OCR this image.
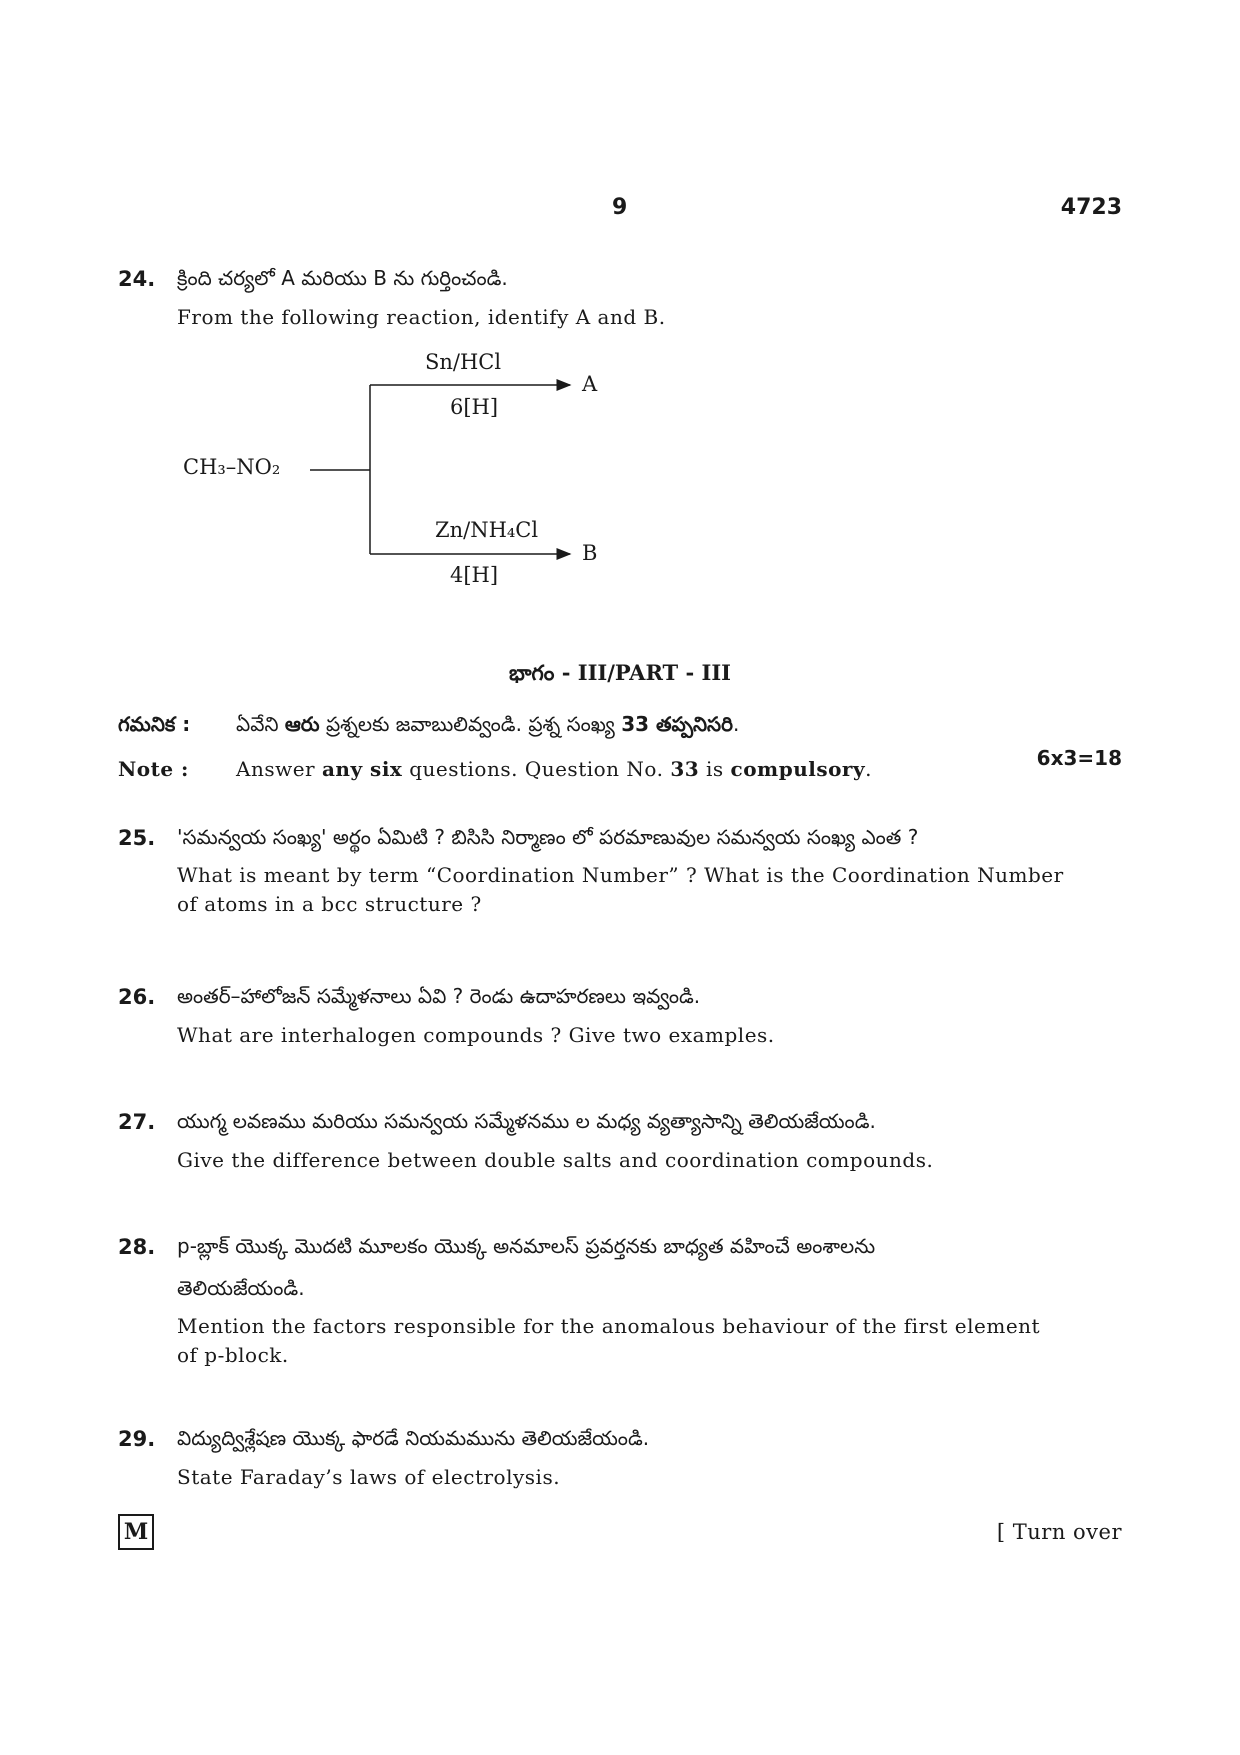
9	4723
24. క్రింది చర్యలో A మరియు B ను గుర్తించండి.
From the following reaction, identify A and B.
CH₃–NO₂
Sn/HCl
6[H]
A
Zn/NH₄Cl
4[H]
B
భాగం - III/PART - III
గమనిక : ఏవేని ఆరు ప్రశ్నలకు జవాబులివ్వండి. ప్రశ్న సంఖ్య 33 తప్పనిసరి.
Note : Answer any six questions. Question No. 33 is compulsory.	6x3=18
25. 'సమన్వయ సంఖ్య' అర్థం ఏమిటి ? బిసిసి నిర్మాణం లో పరమాణువుల సమన్వయ సంఖ్య ఎంత ?
What is meant by term “Coordination Number” ? What is the Coordination Number of atoms in a bcc structure ?
26. అంతర్–హాలోజన్ సమ్మేళనాలు ఏవి ? రెండు ఉదాహరణలు ఇవ్వండి.
What are interhalogen compounds ? Give two examples.
27. యుగ్మ లవణము మరియు సమన్వయ సమ్మేళనము ల మధ్య వ్యత్యాసాన్ని తెలియజేయండి.
Give the difference between double salts and coordination compounds.
28. p-బ్లాక్ యొక్క మొదటి మూలకం యొక్క అనమాలస్ ప్రవర్తనకు బాధ్యత వహించే అంశాలను
తెలియజేయండి.
Mention the factors responsible for the anomalous behaviour of the first element of p-block.
29. విద్యుద్విశ్లేషణ యొక్క ఫారడే నియమమును తెలియజేయండి.
State Faraday’s laws of electrolysis.
M	[ Turn over
